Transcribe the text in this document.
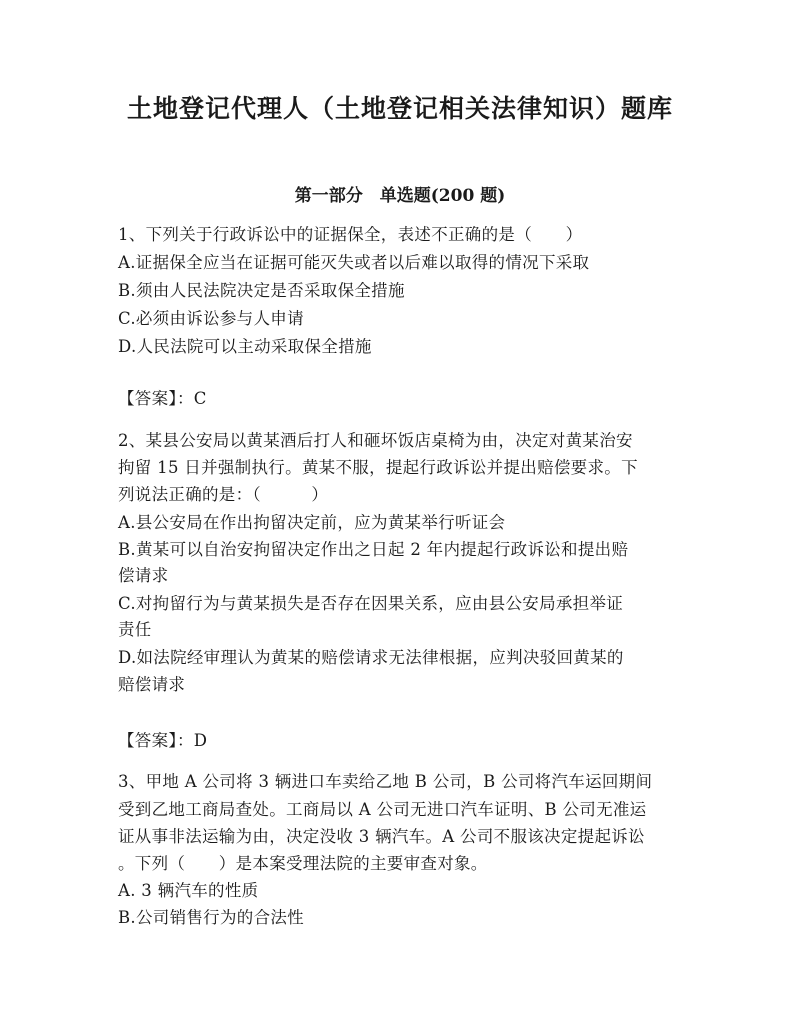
土地登记代理人（土地登记相关法律知识）题库
第一部分　单选题(200 题)
1、下列关于行政诉讼中的证据保全，表述不正确的是（　　）
A.证据保全应当在证据可能灭失或者以后难以取得的情况下采取
B.须由人民法院决定是否采取保全措施
C.必须由诉讼参与人申请
D.人民法院可以主动采取保全措施
【答案】：C
2、某县公安局以黄某酒后打人和砸坏饭店桌椅为由，决定对黄某治安
拘留 15 日并强制执行。黄某不服，提起行政诉讼并提出赔偿要求。下
列说法正确的是：（　　　）
A.县公安局在作出拘留决定前，应为黄某举行听证会
B.黄某可以自治安拘留决定作出之日起 2 年内提起行政诉讼和提出赔
偿请求
C.对拘留行为与黄某损失是否存在因果关系，应由县公安局承担举证
责任
D.如法院经审理认为黄某的赔偿请求无法律根据，应判决驳回黄某的
赔偿请求
【答案】：D
3、甲地 A 公司将 3 辆进口车卖给乙地 B 公司，B 公司将汽车运回期间
受到乙地工商局查处。工商局以 A 公司无进口汽车证明、B 公司无准运
证从事非法运输为由，决定没收 3 辆汽车。A 公司不服该决定提起诉讼
。下列（　　）是本案受理法院的主要审查对象。
A. 3 辆汽车的性质
B.公司销售行为的合法性
